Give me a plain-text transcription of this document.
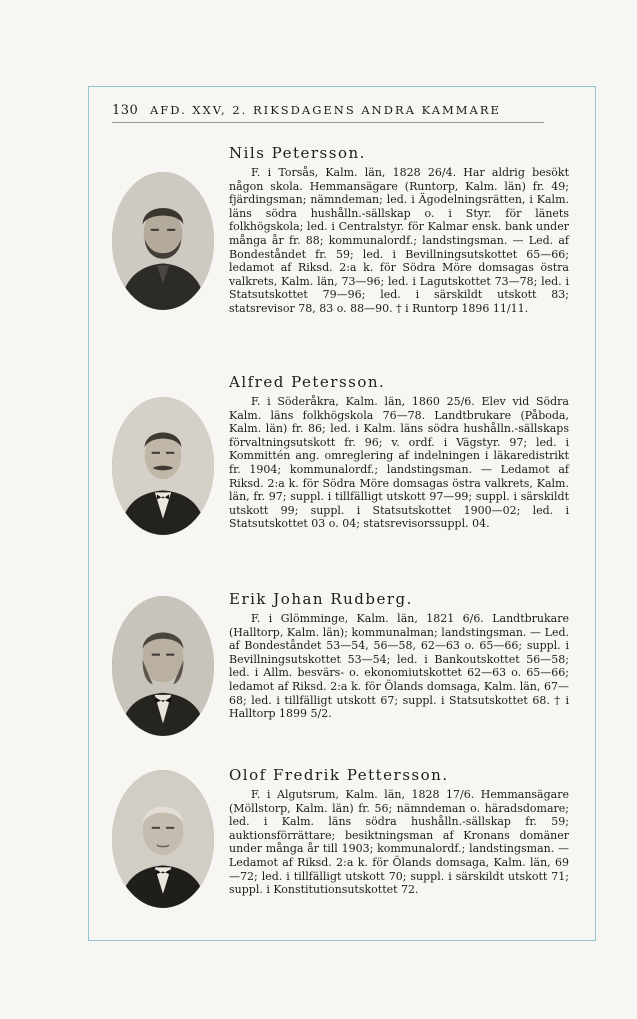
130 AFD. XXV, 2. RIKSDAGENS ANDRA KAMMARE
Nils Petersson.

F. i Torsås, Kalm. län, 1828 26/4. Har aldrig besökt någon skola. Hemmansägare (Runtorp, Kalm. län) fr. 49; fjärdingsman; nämndeman; led. i Ägodelningsrätten, i Kalm. läns södra hushålln.-sällskap o. i Styr. för länets folkhögskola; led. i Centralstyr. för Kalmar ensk. bank under många år fr. 88; kommunalordf.; landstingsman. — Led. af Bondeståndet fr. 59; led. i Bevillningsutskottet 65—66; ledamot af Riksd. 2:a k. för Södra Möre domsagas östra valkrets, Kalm. län, 73—96; led. i Lagutskottet 73—78; led. i Statsutskottet 79—96; led. i särskildt utskott 83; statsrevisor 78, 83 o. 88—90. † i Runtorp 1896 11/11.

Alfred Petersson.

F. i Söderåkra, Kalm. län, 1860 25/6. Elev vid Södra Kalm. läns folkhögskola 76—78. Landtbrukare (Påboda, Kalm. län) fr. 86; led. i Kalm. läns södra hushålln.-sällskaps förvaltningsutskott fr. 96; v. ordf. i Vägstyr. 97; led. i Kommittén ang. omreglering af indelningen i läkaredistrikt fr. 1904; kommunalordf.; landstingsman. — Ledamot af Riksd. 2:a k. för Södra Möre domsagas östra valkrets, Kalm. län, fr. 97; suppl. i tillfälligt utskott 97—99; suppl. i särskildt utskott 99; suppl. i Statsutskottet 1900—02; led. i Statsutskottet 03 o. 04; statsrevisorssuppl. 04.

Erik Johan Rudberg.

F. i Glömminge, Kalm. län, 1821 6/6. Landtbrukare (Halltorp, Kalm. län); kommunalman; landstingsman. — Led. af Bondeståndet 53—54, 56—58, 62—63 o. 65—66; suppl. i Bevillningsutskottet 53—54; led. i Bankoutskottet 56—58; led. i Allm. besvärs- o. ekonomiutskottet 62—63 o. 65—66; ledamot af Riksd. 2:a k. för Ölands domsaga, Kalm. län, 67—68; led. i tillfälligt utskott 67; suppl. i Statsutskottet 68. † i Halltorp 1899 5/2.

Olof Fredrik Pettersson.

F. i Algutsrum, Kalm. län, 1828 17/6. Hemmansägare (Möllstorp, Kalm. län) fr. 56; nämndeman o. häradsdomare; led. i Kalm. läns södra hushålln.-sällskap fr. 59; auktionsförrättare; besiktningsman af Kronans domäner under många år till 1903; kommunalordf.; landstingsman. — Ledamot af Riksd. 2:a k. för Ölands domsaga, Kalm. län, 69—72; led. i tillfälligt utskott 70; suppl. i särskildt utskott 71; suppl. i Konstitutionsutskottet 72.
